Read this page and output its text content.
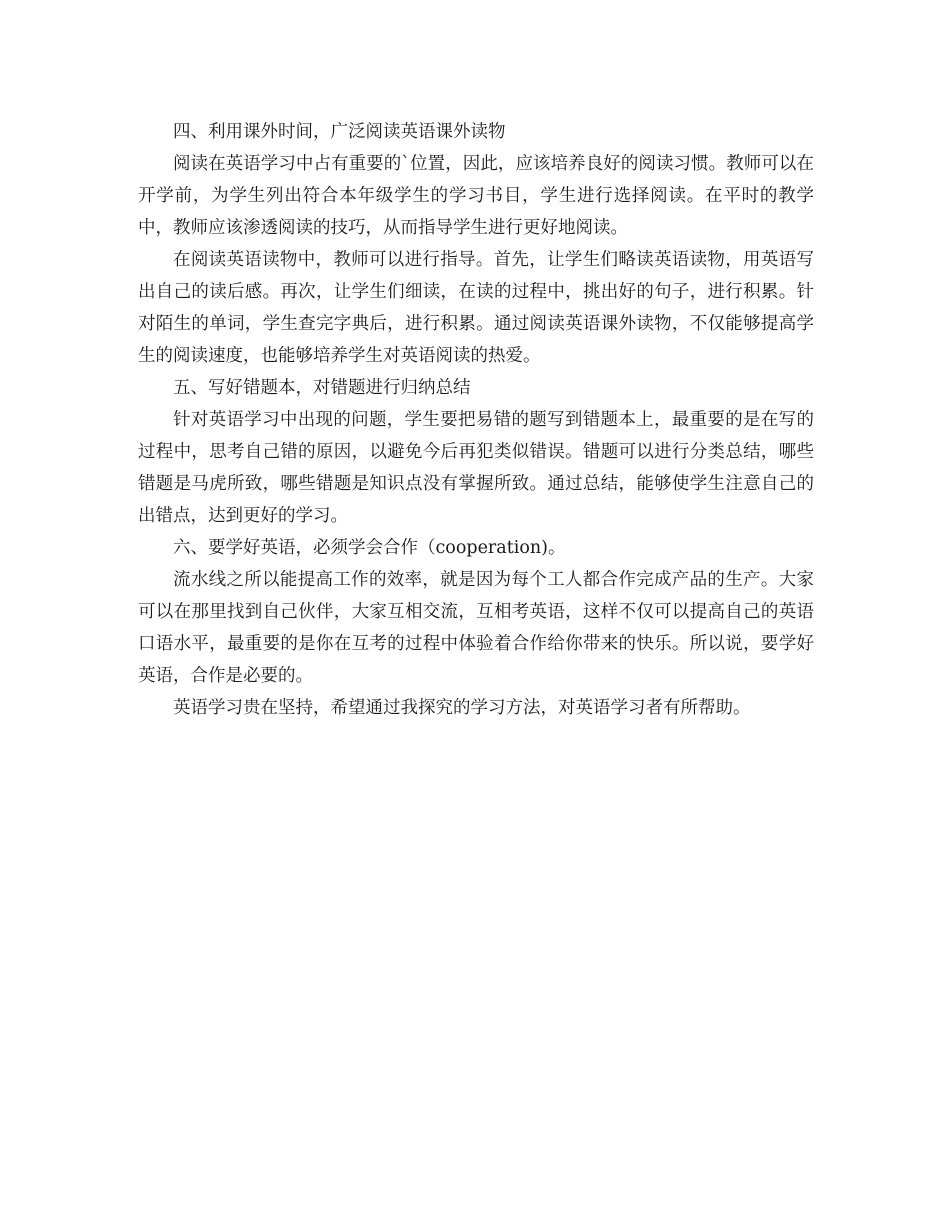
四、利用课外时间，广泛阅读英语课外读物

阅读在英语学习中占有重要的`位置，因此，应该培养良好的阅读习惯。教师可以在开学前，为学生列出符合本年级学生的学习书目，学生进行选择阅读。在平时的教学中，教师应该渗透阅读的技巧，从而指导学生进行更好地阅读。

在阅读英语读物中，教师可以进行指导。首先，让学生们略读英语读物，用英语写出自己的读后感。再次，让学生们细读，在读的过程中，挑出好的句子，进行积累。针对陌生的单词，学生查完字典后，进行积累。通过阅读英语课外读物，不仅能够提高学生的阅读速度，也能够培养学生对英语阅读的热爱。

五、写好错题本，对错题进行归纳总结

针对英语学习中出现的问题，学生要把易错的题写到错题本上，最重要的是在写的过程中，思考自己错的原因，以避免今后再犯类似错误。错题可以进行分类总结，哪些错题是马虎所致，哪些错题是知识点没有掌握所致。通过总结，能够使学生注意自己的出错点，达到更好的学习。

六、要学好英语，必须学会合作（cooperation)。

流水线之所以能提高工作的效率，就是因为每个工人都合作完成产品的生产。大家可以在那里找到自己伙伴，大家互相交流，互相考英语，这样不仅可以提高自己的英语口语水平，最重要的是你在互考的过程中体验着合作给你带来的快乐。所以说，要学好英语，合作是必要的。

英语学习贵在坚持，希望通过我探究的学习方法，对英语学习者有所帮助。
